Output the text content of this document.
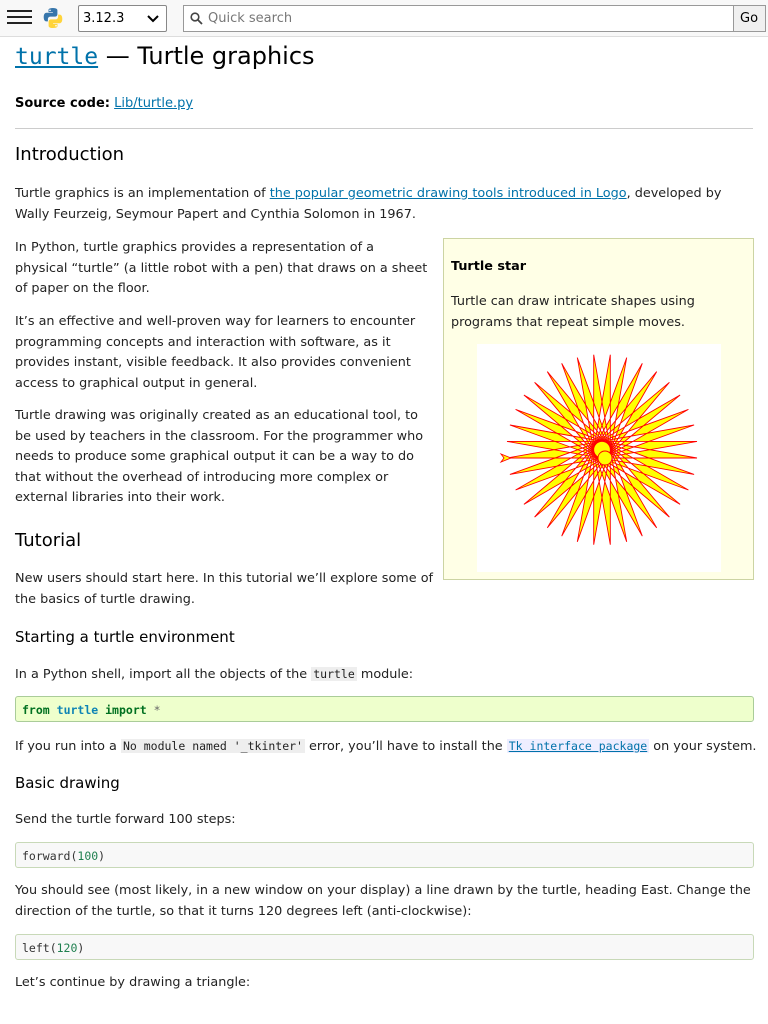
3.12.3	Quick search	Go
turtle — Turtle graphics
Source code: Lib/turtle.py
Introduction

Turtle graphics is an implementation of the popular geometric drawing tools introduced in Logo, developed by Wally Feurzeig, Seymour Papert and Cynthia Solomon in 1967.

In Python, turtle graphics provides a representation of a physical “turtle” (a little robot with a pen) that draws on a sheet of paper on the floor.

It’s an effective and well-proven way for learners to encounter programming concepts and interaction with software, as it provides instant, visible feedback. It also provides convenient access to graphical output in general.

Turtle drawing was originally created as an educational tool, to be used by teachers in the classroom. For the programmer who needs to produce some graphical output it can be a way to do that without the overhead of introducing more complex or external libraries into their work.

Turtle star
Turtle can draw intricate shapes using programs that repeat simple moves.
Tutorial

New users should start here. In this tutorial we’ll explore some of the basics of turtle drawing.

Starting a turtle environment

In a Python shell, import all the objects of the turtle module:

from turtle import *

If you run into a No module named '_tkinter' error, you’ll have to install the Tk interface package on your system.

Basic drawing

Send the turtle forward 100 steps:

forward(100)

You should see (most likely, in a new window on your display) a line drawn by the turtle, heading East. Change the direction of the turtle, so that it turns 120 degrees left (anti-clockwise):

left(120)

Let’s continue by drawing a triangle:
